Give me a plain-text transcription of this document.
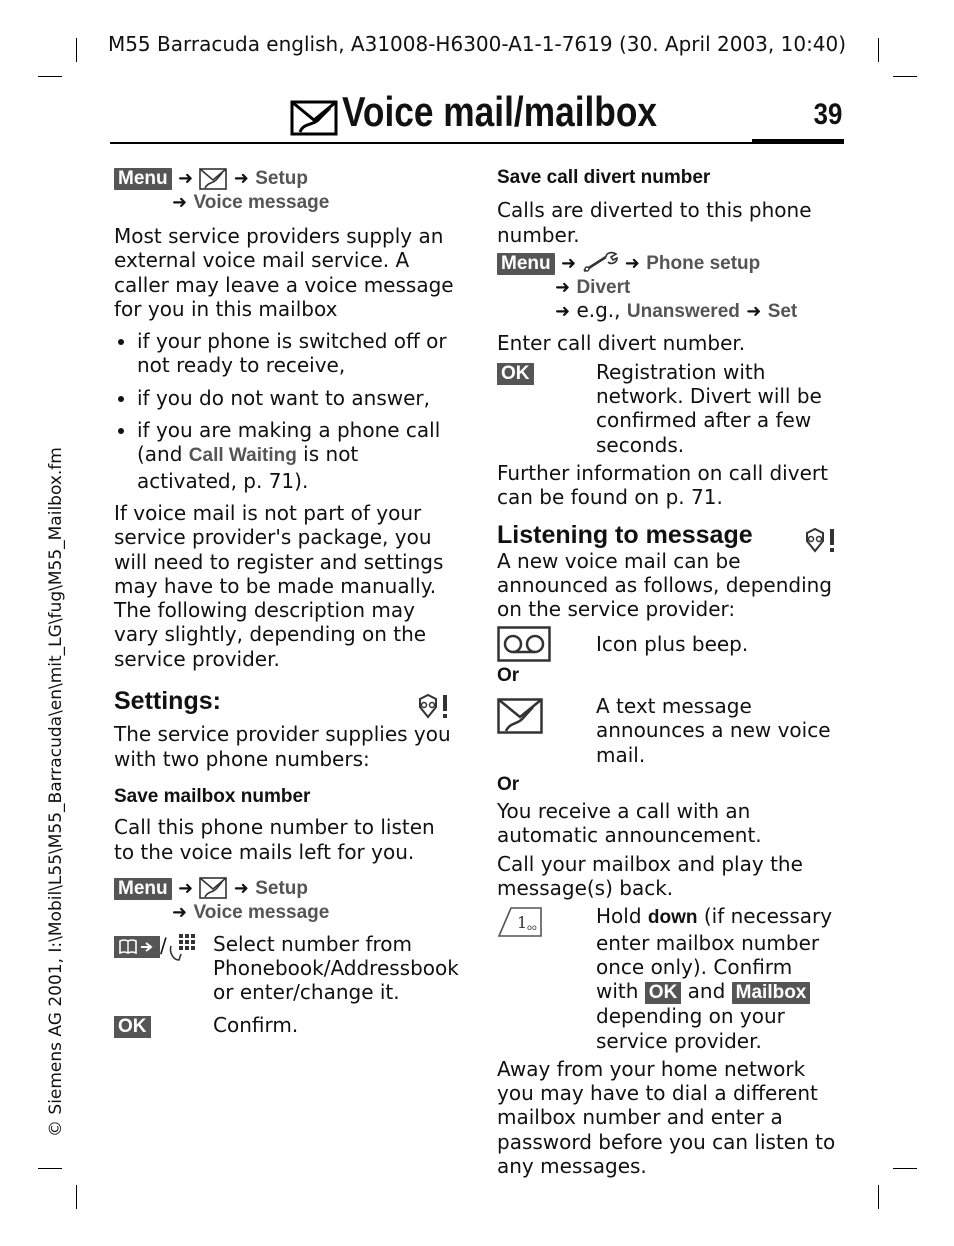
M55 Barracuda english, A31008-H6300-A1-1-7619 (30. April 2003, 10:40)
© Siemens AG 2001, I:\Mobil\L55\M55_Barracuda\en\mit_LG\fug\M55_Mailbox.fm
Voice mail/mailbox	39
Menu ➜ ➜ Setup
➜ Voice message

Most service providers supply an external voice mail service. A caller may leave a voice message for you in this mailbox

• if your phone is switched off or not ready to receive,
• if you do not want to answer,
• if you are making a phone call (and Call Waiting is not activated, p. 71).

If voice mail is not part of your service provider's package, you will need to register and settings may have to be made manually. The following description may vary slightly, depending on the service provider.

Settings:

The service provider supplies you with two phone numbers:

Save mailbox number

Call this phone number to listen to the voice mails left for you.

Menu ➜ ➜ Setup
➜ Voice message
/	Select number from Phonebook/Addressbook or enter/change it.
OK	Confirm.
Save call divert number

Calls are diverted to this phone number.

Menu ➜	➜ Phone setup
➜ Divert
➜ e.g., Unanswered ➜ Set

Enter call divert number.

OK	Registration with network. Divert will be confirmed after a few seconds.

Further information on call divert can be found on p. 71.

Listening to message

A new voice mail can be announced as follows, depending on the service provider:

Icon plus beep.
Or
A text message announces a new voice mail.
Or

You receive a call with an automatic announcement.

Call your mailbox and play the message(s) back.

1 oo	Hold down (if necessary enter mailbox number once only). Confirm with OK and Mailbox depending on your service provider.

Away from your home network you may have to dial a different mailbox number and enter a password before you can listen to any messages.
